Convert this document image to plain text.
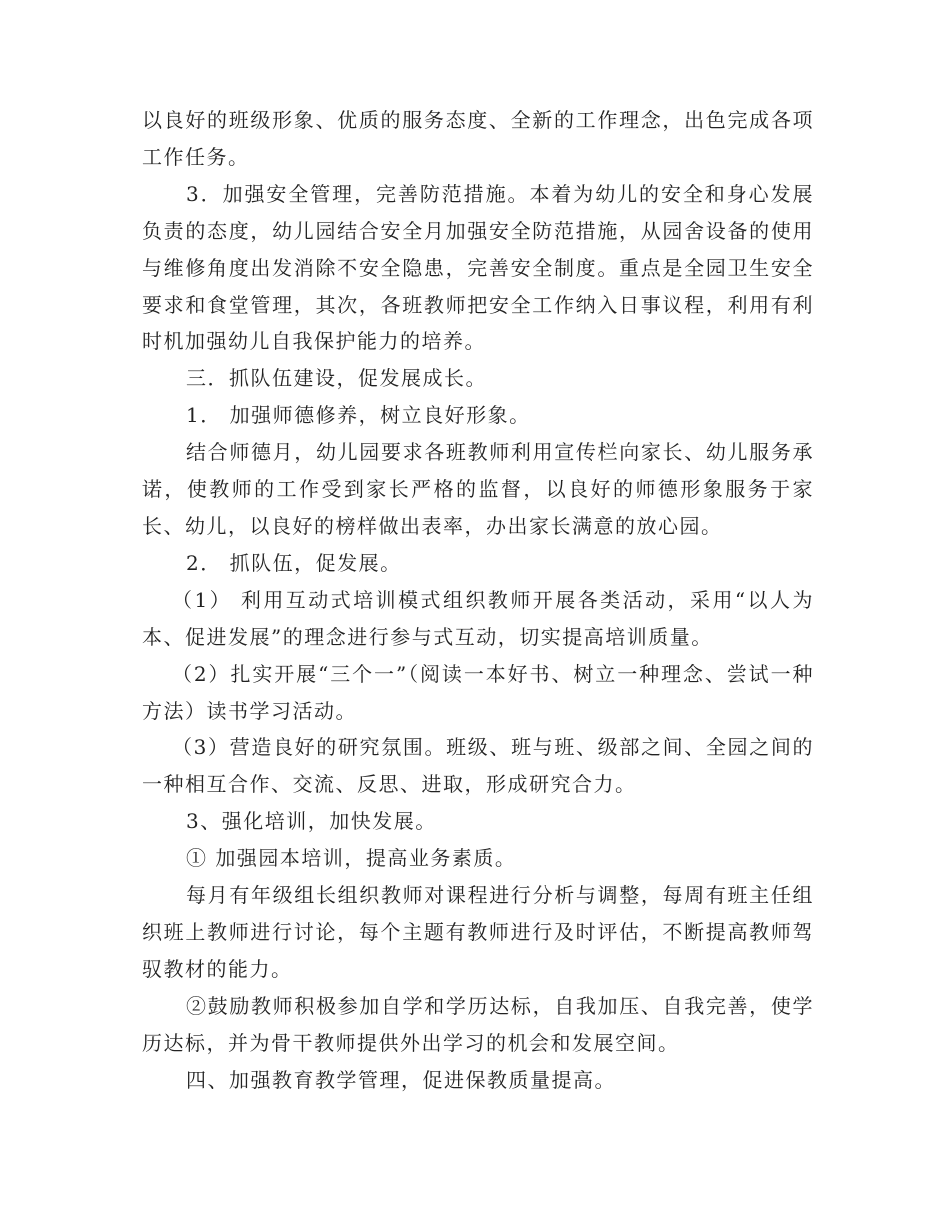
以良好的班级形象、优质的服务态度、全新的工作理念，出色完成各项工作任务。

3．加强安全管理，完善防范措施。本着为幼儿的安全和身心发展负责的态度，幼儿园结合安全月加强安全防范措施，从园舍设备的使用与维修角度出发消除不安全隐患，完善安全制度。重点是全园卫生安全要求和食堂管理，其次，各班教师把安全工作纳入日事议程，利用有利时机加强幼儿自我保护能力的培养。

三．抓队伍建设，促发展成长。

1． 加强师德修养，树立良好形象。

结合师德月，幼儿园要求各班教师利用宣传栏向家长、幼儿服务承诺，使教师的工作受到家长严格的监督，以良好的师德形象服务于家长、幼儿，以良好的榜样做出表率，办出家长满意的放心园。

2． 抓队伍，促发展。

（1） 利用互动式培训模式组织教师开展各类活动，采用“以人为本、促进发展”的理念进行参与式互动，切实提高培训质量。

（2）扎实开展“三个一”（阅读一本好书、树立一种理念、尝试一种方法）读书学习活动。

（3）营造良好的研究氛围。班级、班与班、级部之间、全园之间的一种相互合作、交流、反思、进取，形成研究合力。

3、强化培训，加快发展。

① 加强园本培训，提高业务素质。

每月有年级组长组织教师对课程进行分析与调整，每周有班主任组织班上教师进行讨论，每个主题有教师进行及时评估，不断提高教师驾驭教材的能力。

②鼓励教师积极参加自学和学历达标，自我加压、自我完善，使学历达标，并为骨干教师提供外出学习的机会和发展空间。

四、加强教育教学管理，促进保教质量提高。
